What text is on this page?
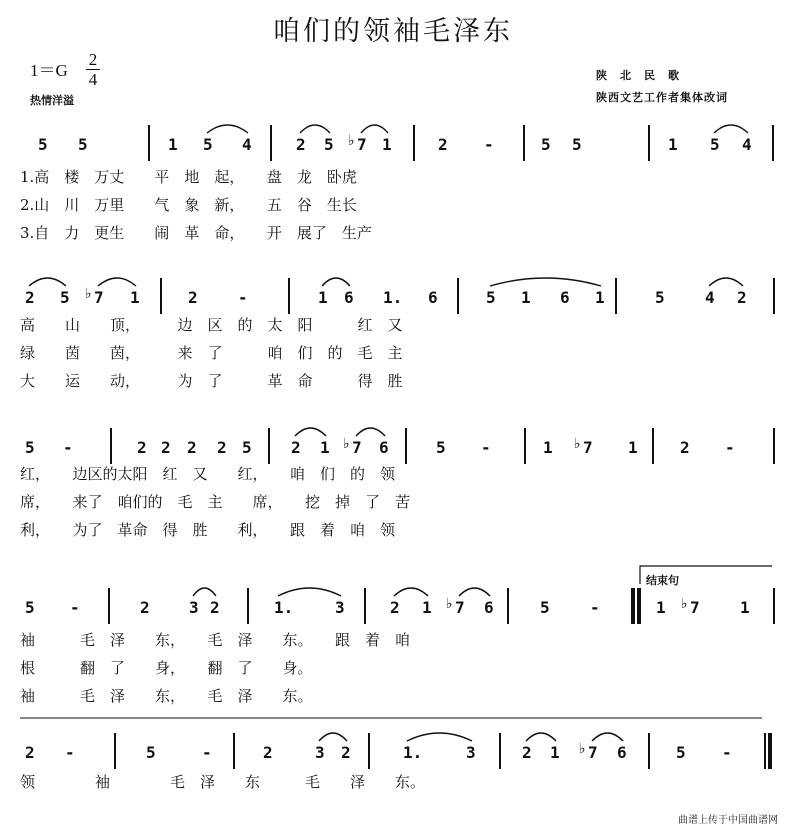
咱们的领袖毛泽东
$1=G \frac{2}{4}$
热情洋溢
陕　北　民　歌
陕西文艺工作者集体改词
5 5	1 5 4	2 5 7
♭ 1	2 -	5 5	1 5 4
1.高　楼　万丈　　平　地　起，　　盘　龙　卧虎
2.山　川　万里　　气　象　新，　　五　谷　生长
3.自　力　更生　　闹　革　命，　　开　展了　生产
2 5 7
♭ 1	2	-	1 6 1. 6	5 1 6 1	5	4 2
高　　山　　顶，　　　边　区　的　太　阳　　　红　又
绿　　茵　　茵，　　　来　了　　　咱　们　的　毛　主
大　　运　　动，　　　为　了　　　革　命　　　得　胜
5 -	2 2 2 2 5 2 1 7
♭ 6	5 -	1 7
♭	1	2 -
红，　　边区的太阳　红　又　　红，　　咱　们　的　领
席，　　来了　咱们的　毛　主　　席，　　挖　掉　了　苦
利，　　为了　革命　得　胜　　利，　　跟　着　咱　领
5 -	2 3 2	1.	3	2 1 7
♭ 6	5	-	1 7
♭	1
袖　　　毛　泽　　东，　　毛　泽　　东。　　跟　着　咱
根　　　翻　了　　身，　　翻　了　　身。
袖　　　毛　泽　　东，　　毛　泽　　东。
2 -	5	-	2	3 2	1.	3	2 1 7
♭ 6	5 -
领　　　　袖　　　　毛　泽　　东　　　毛　　泽　　东。
结束句
曲谱上传于中国曲谱网
